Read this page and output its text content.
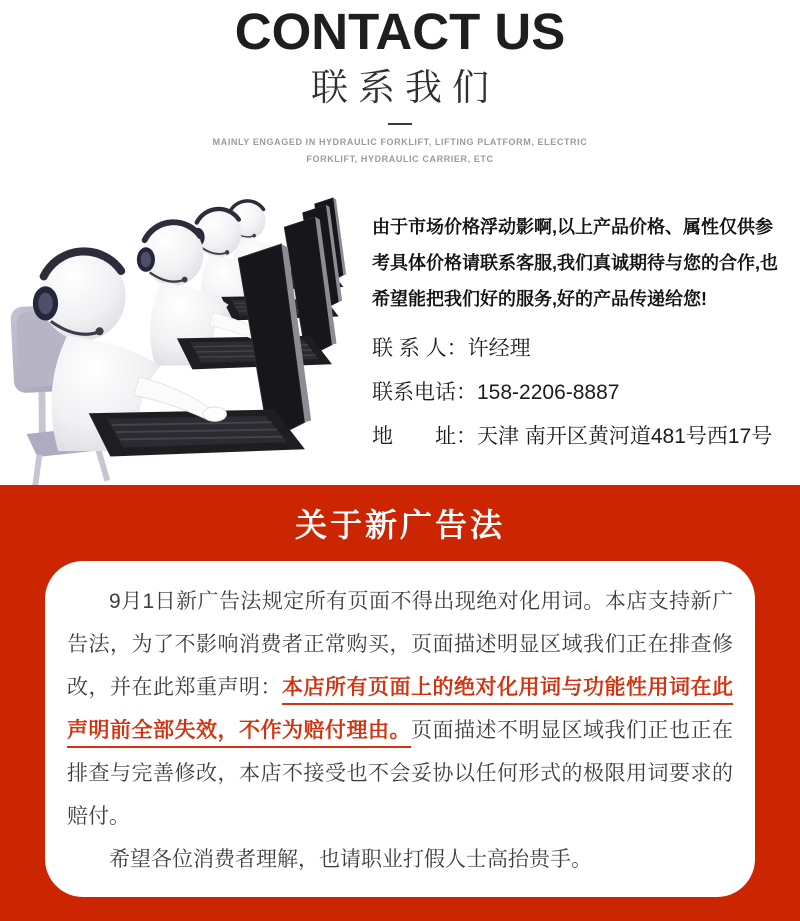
CONTACT US
联系我们

MAINLY ENGAGED IN HYDRAULIC FORKLIFT, LIFTING PLATFORM, ELECTRIC
FORKLIFT, HYDRAULIC CARRIER, ETC

由于市场价格浮动影啊,以上产品价格、属性仅供参考具体价格请联系客服,我们真诚期待与您的合作,也希望能把我们好的服务,好的产品传递给您!

联 系 人：许经理
联系电话：158-2206-8887
地　　址：天津 南开区黄河道481号西17号
关于新广告法

9月1日新广告法规定所有页面不得出现绝对化用词。本店支持新广告法，为了不影响消费者正常购买，页面描述明显区域我们正在排查修改，并在此郑重声明：本店所有页面上的绝对化用词与功能性用词在此声明前全部失效，不作为赔付理由。页面描述不明显区域我们正也正在排查与完善修改，本店不接受也不会妥协以任何形式的极限用词要求的赔付。

希望各位消费者理解，也请职业打假人士高抬贵手。
